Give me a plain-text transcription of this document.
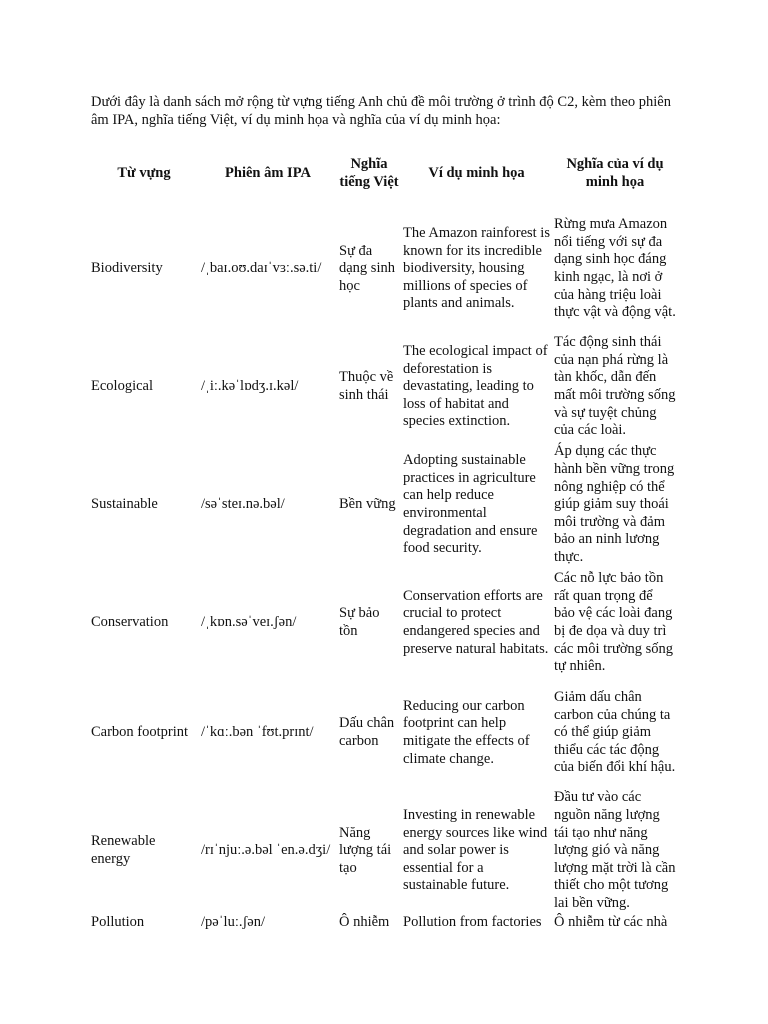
Dưới đây là danh sách mở rộng từ vựng tiếng Anh chủ đề môi trường ở trình độ C2, kèm theo phiên âm IPA, nghĩa tiếng Việt, ví dụ minh họa và nghĩa của ví dụ minh họa:

Từ vựng	Phiên âm IPA	Nghĩa tiếng Việt	Ví dụ minh họa	Nghĩa của ví dụ minh họa
Biodiversity	/ˌbaɪ.oʊ.daɪˈvɜː.sə.ti/	Sự đa dạng sinh học	The Amazon rainforest is known for its incredible biodiversity, housing millions of species of plants and animals.	Rừng mưa Amazon nổi tiếng với sự đa dạng sinh học đáng kinh ngạc, là nơi ở của hàng triệu loài thực vật và động vật.
Ecological	/ˌiː.kəˈlɒdʒ.ɪ.kəl/	Thuộc về sinh thái	The ecological impact of deforestation is devastating, leading to loss of habitat and species extinction.	Tác động sinh thái của nạn phá rừng là tàn khốc, dẫn đến mất môi trường sống và sự tuyệt chủng của các loài.
Sustainable	/səˈsteɪ.nə.bəl/	Bền vững	Adopting sustainable practices in agriculture can help reduce environmental degradation and ensure food security.	Áp dụng các thực hành bền vững trong nông nghiệp có thể giúp giảm suy thoái môi trường và đảm bảo an ninh lương thực.
Conservation	/ˌkɒn.səˈveɪ.ʃən/	Sự bảo tồn	Conservation efforts are crucial to protect endangered species and preserve natural habitats.	Các nỗ lực bảo tồn rất quan trọng để bảo vệ các loài đang bị đe dọa và duy trì các môi trường sống tự nhiên.
Carbon footprint	/ˈkɑː.bən ˈfʊt.prɪnt/	Dấu chân carbon	Reducing our carbon footprint can help mitigate the effects of climate change.	Giảm dấu chân carbon của chúng ta có thể giúp giảm thiểu các tác động của biến đổi khí hậu.
Renewable energy	/rɪˈnjuː.ə.bəl ˈen.ə.dʒi/	Năng lượng tái tạo	Investing in renewable energy sources like wind and solar power is essential for a sustainable future.	Đầu tư vào các nguồn năng lượng tái tạo như năng lượng gió và năng lượng mặt trời là cần thiết cho một tương lai bền vững.
Pollution	/pəˈluː.ʃən/	Ô nhiễm	Pollution from factories	Ô nhiễm từ các nhà
